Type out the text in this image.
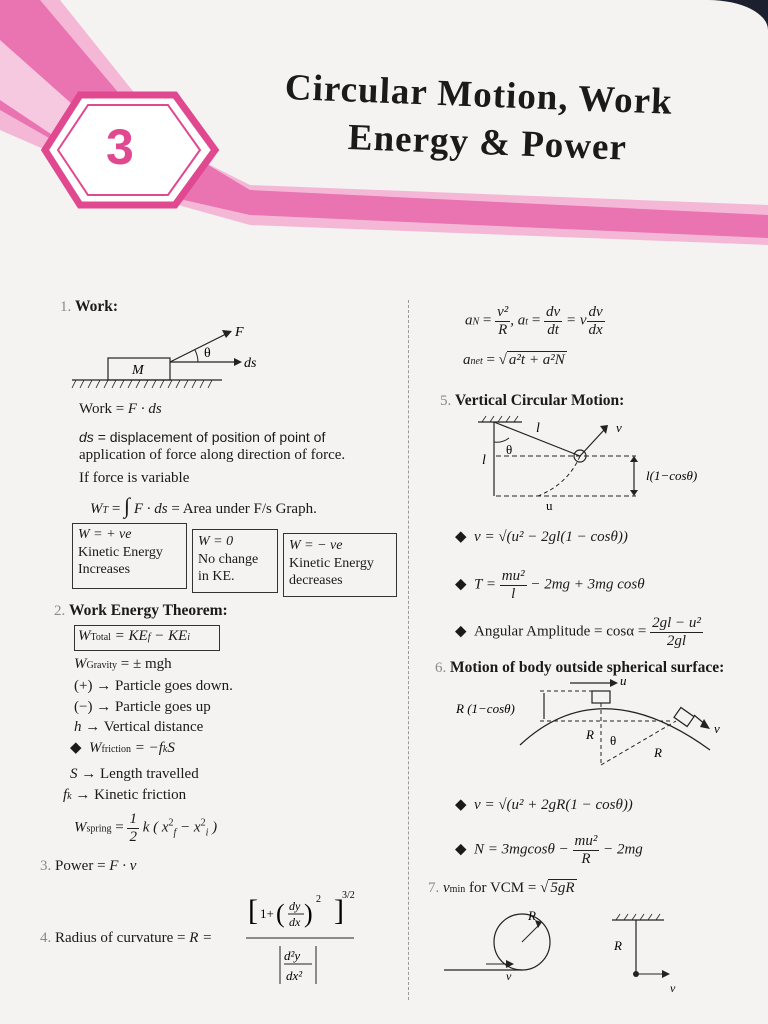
3
Circular Motion, Work
Energy & Power
1. Work:
M
θ
F
ds
Work = F · ds
ds = displacement of position of point of
application of force along direction of force.
If force is variable
WT = ∫ F · ds = Area under F/s Graph.
W = + ve
Kinetic Energy
Increases
W = 0
No change
in KE.
W = − ve
Kinetic Energy
decreases
2. Work Energy Theorem:
WTotal = KEf − KEi
WGravity = ± mgh
(+) → Particle goes down.
(−) → Particle goes up
h → Vertical distance
◆  Wfriction = −fkS
S → Length travelled
fk → Kinetic friction
Wspring = $\frac{1}{2}$ k ( $x^2_f - x^2_i$ )
3. Power = F · v
4. Radius of curvature = R =
[	]
1+ ( dy
dx ) 2 3/2
d²y
dx²
aN = $\frac{\text{v²}}{R}$ , at = $\frac{dv}{dt} = v \frac{dv}{dx}$
anet = √ a²t + a²N
5. Vertical Circular Motion:
l
θ
l
v
u
l(1−cosθ)
◆  v = √(u² − 2gl(1 − cosθ))
◆  $T = \frac{\text{mu²}}{l} - 2mg + 3mg$ cosθ
◆  Angular Amplitude = $\cos\alpha = \frac{\text{2gl − u²}}{2gl}$
6. Motion of body outside spherical surface:
u
R (1−cosθ)
R θ
R
v
◆  v = √(u² + 2gR(1 − cosθ))
◆  $N = 3mgcos\theta - \frac{\text{mu²}}{R} - 2mg$
7. vmin for VCM = √ 5gR
R
v
R
v
